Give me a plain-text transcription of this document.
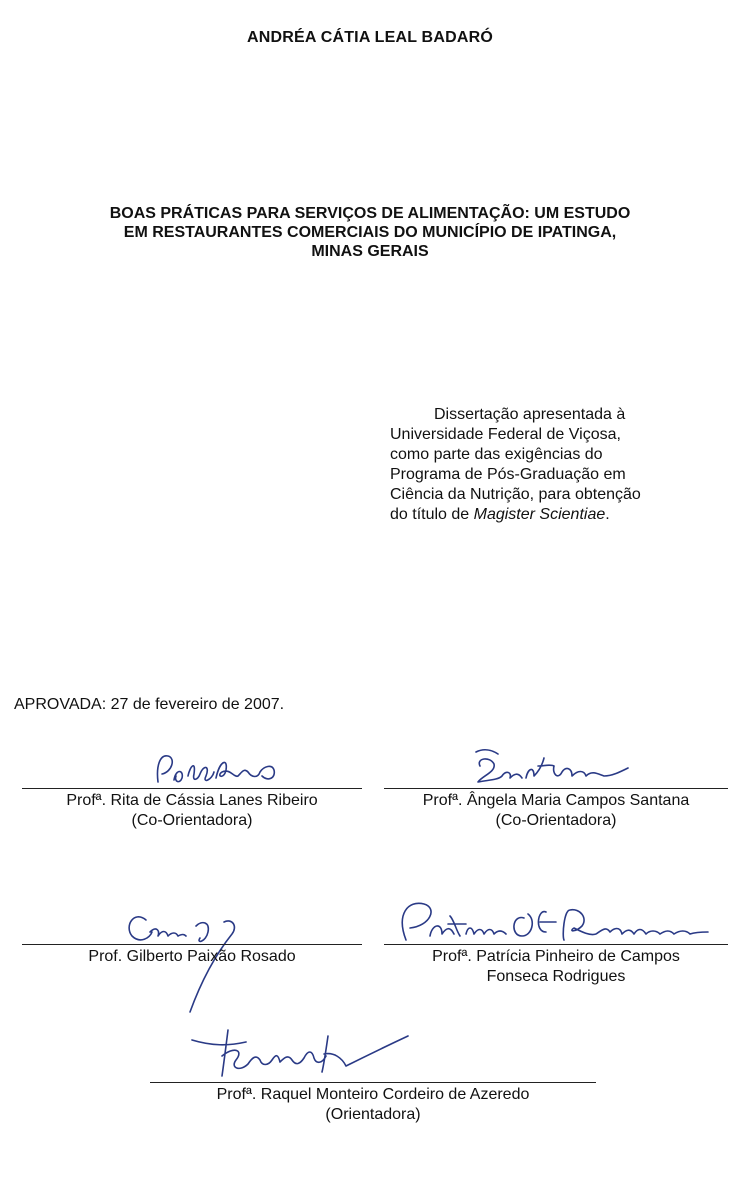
ANDRÉA CÁTIA LEAL BADARÓ
BOAS PRÁTICAS PARA SERVIÇOS DE ALIMENTAÇÃO: UM ESTUDO
EM RESTAURANTES COMERCIAIS DO MUNICÍPIO DE IPATINGA,
MINAS GERAIS
Dissertação apresentada à
Universidade Federal de Viçosa,
como parte das exigências do
Programa de Pós-Graduação em
Ciência da Nutrição, para obtenção
do título de Magister Scientiae.
APROVADA: 27 de fevereiro de 2007.
Profª. Rita de Cássia Lanes Ribeiro
(Co-Orientadora)
Profª. Ângela Maria Campos Santana
(Co-Orientadora)
Prof. Gilberto Paixão Rosado	Profª. Patrícia Pinheiro de Campos
Fonseca Rodrigues
Profª. Raquel Monteiro Cordeiro de Azeredo
(Orientadora)
